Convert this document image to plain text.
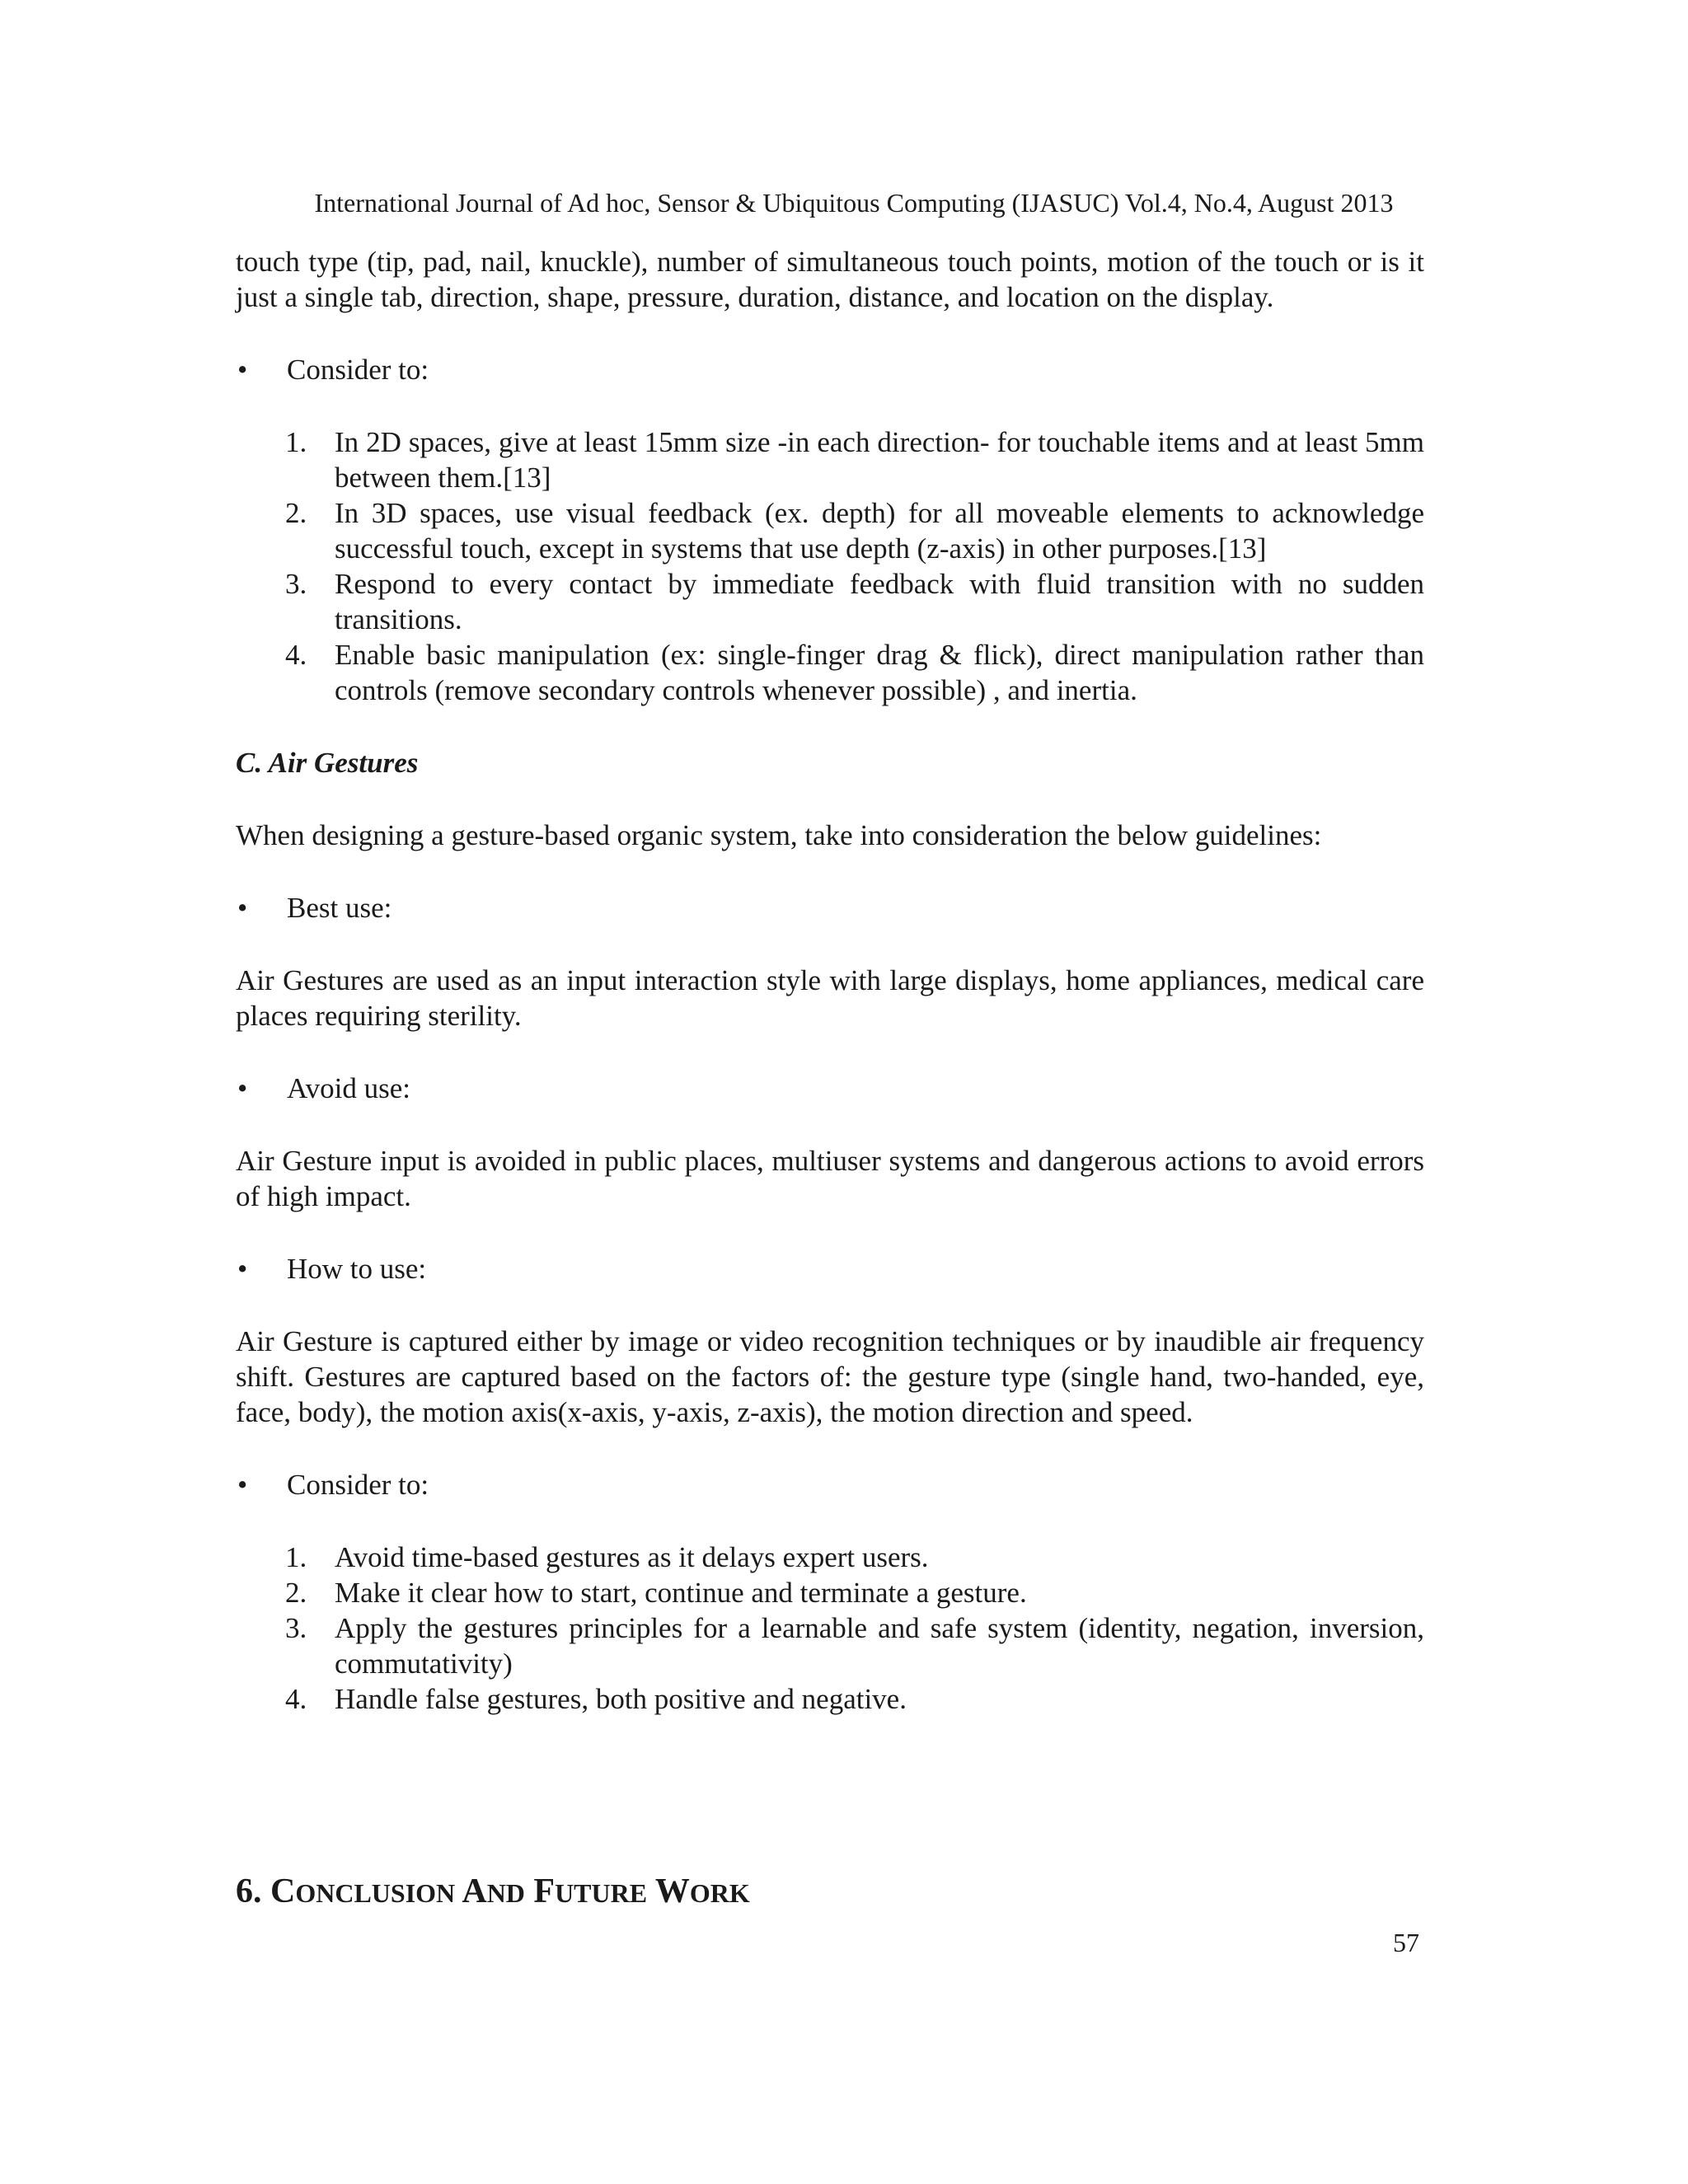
International Journal of Ad hoc, Sensor & Ubiquitous Computing (IJASUC) Vol.4, No.4, August 2013

touch type (tip, pad, nail, knuckle), number of simultaneous touch points, motion of the touch or is it just a single tab, direction, shape, pressure, duration, distance, and location on the display.

•	Consider to:
1. In 2D spaces, give at least 15mm size -in each direction- for touchable items and at least 5mm between them.[13]
2. In 3D spaces, use visual feedback (ex. depth) for all moveable elements to acknowledge successful touch, except in systems that use depth (z-axis) in other purposes.[13]
3. Respond to every contact by immediate feedback with fluid transition with no sudden transitions.
4. Enable basic manipulation (ex: single-finger drag & flick), direct manipulation rather than controls (remove secondary controls whenever possible) , and inertia.

C. Air Gestures

When designing a gesture-based organic system, take into consideration the below guidelines:

•	Best use:

Air Gestures are used as an input interaction style with large displays, home appliances, medical care places requiring sterility.

•	Avoid use:

Air Gesture input is avoided in public places, multiuser systems and dangerous actions to avoid errors of high impact.

•	How to use:

Air Gesture is captured either by image or video recognition techniques or by inaudible air frequency shift. Gestures are captured based on the factors of: the gesture type (single hand, two-handed, eye, face, body), the motion axis(x-axis, y-axis, z-axis), the motion direction and speed.

•	Consider to:
1. Avoid time-based gestures as it delays expert users.
2. Make it clear how to start, continue and terminate a gesture.
3. Apply the gestures principles for a learnable and safe system (identity, negation, inversion, commutativity)
4. Handle false gestures, both positive and negative.
6. CONCLUSION AND FUTURE WORK
57
